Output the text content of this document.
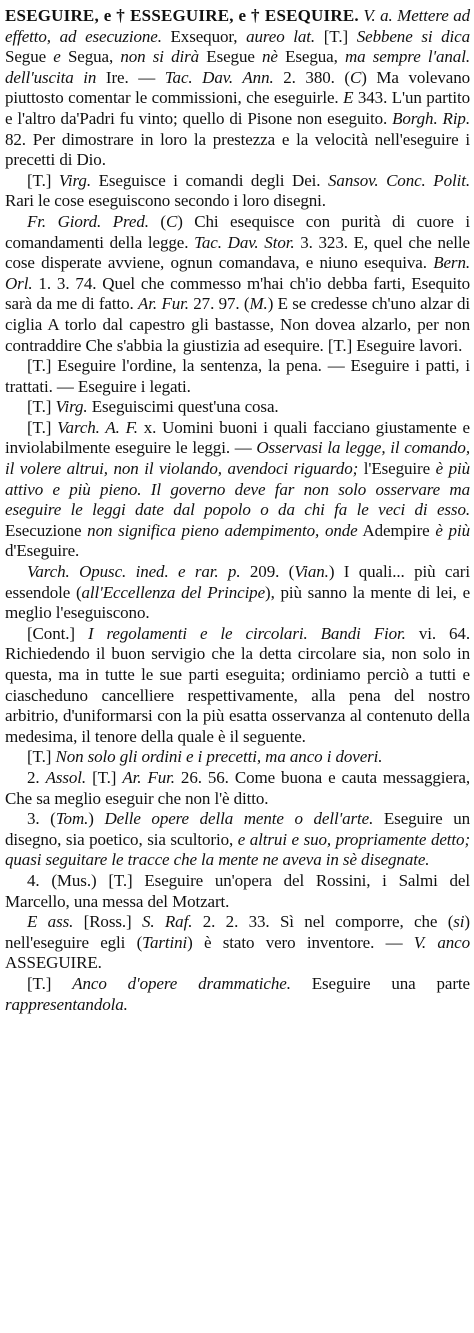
ESEGUIRE, e † ESSEGUIRE, e † ESEQUIRE. V. a. Mettere ad effetto, ad esecuzione. Exsequor, aureo lat. [T.] Sebbene si dica Segue e Segua, non si dirà Esegue nè Esegua, ma sempre l'anal. dell'uscita in Ire. — Tac. Dav. Ann. 2. 380. (C) Ma volevano piuttosto comentar le commissioni, che eseguirle. E 343. L'un partito e l'altro da'Padri fu vinto; quello di Pisone non eseguito. Borgh. Rip. 82. Per dimostrare in loro la prestezza e la velocità nell'eseguire i precetti di Dio.

[T.] Virg. Eseguisce i comandi degli Dei. Sansov. Conc. Polit. Rari le cose eseguiscono secondo i loro disegni.

Fr. Giord. Pred. (C) Chi esequisce con purità di cuore i comandamenti della legge. Tac. Dav. Stor. 3. 323. E, quel che nelle cose disperate avviene, ognun comandava, e niuno esequiva. Bern. Orl. 1. 3. 74. Quel che commesso m'hai ch'io debba farti, Esequito sarà da me di fatto. Ar. Fur. 27. 97. (M.) E se credesse ch'uno alzar di ciglia A torlo dal capestro gli bastasse, Non dovea alzarlo, per non contraddire Che s'abbia la giustizia ad esequire. [T.] Eseguire lavori.

[T.] Eseguire l'ordine, la sentenza, la pena. — Eseguire i patti, i trattati. — Eseguire i legati.

[T.] Virg. Eseguiscimi quest'una cosa.

[T.] Varch. A. F. x. Uomini buoni i quali facciano giustamente e inviolabilmente eseguire le leggi. — Osservasi la legge, il comando, il volere altrui, non il violando, avendoci riguardo; l'Eseguire è più attivo e più pieno. Il governo deve far non solo osservare ma eseguire le leggi date dal popolo o da chi fa le veci di esso. Esecuzione non significa pieno adempimento, onde Adempire è più d'Eseguire.

Varch. Opusc. ined. e rar. p. 209. (Vian.) I quali... più cari essendole (all'Eccellenza del Principe), più sanno la mente di lei, e meglio l'eseguiscono.

[Cont.] I regolamenti e le circolari. Bandi Fior. vi. 64. Richiedendo il buon servigio che la detta circolare sia, non solo in questa, ma in tutte le sue parti eseguita; ordiniamo perciò a tutti e ciascheduno cancelliere respettivamente, alla pena del nostro arbitrio, d'uniformarsi con la più esatta osservanza al contenuto della medesima, il tenore della quale è il seguente.

[T.] Non solo gli ordini e i precetti, ma anco i doveri.

2. Assol. [T.] Ar. Fur. 26. 56. Come buona e cauta messaggiera, Che sa meglio eseguir che non l'è ditto.

3. (Tom.) Delle opere della mente o dell'arte. Eseguire un disegno, sia poetico, sia scultorio, e altrui e suo, propriamente detto; quasi seguitare le tracce che la mente ne aveva in sè disegnate.

4. (Mus.) [T.] Eseguire un'opera del Rossini, i Salmi del Marcello, una messa del Motzart.

E ass. [Ross.] S. Raf. 2. 2. 33. Sì nel comporre, che (si) nell'eseguire egli (Tartini) è stato vero inventore. — V. anco ASSEGUIRE.

[T.] Anco d'opere drammatiche. Eseguire una parte rappresentandola.
